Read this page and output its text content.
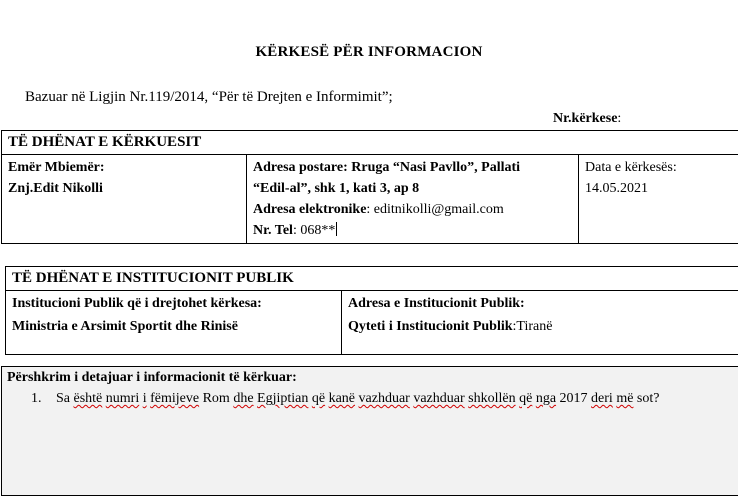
KËRKESË PËR INFORMACION
Bazuar në Ligjin Nr.119/2014, “Për të Drejten e Informimit”;
Nr.kërkese:
TË DHËNAT E KËRKUESIT

Emër Mbiemër:
Znj.Edit Nikolli

Adresa postare: Rruga “Nasi Pavllo”, Pallati
“Edil-al”, shk 1, kati 3, ap 8
Adresa elektronike: editnikolli@gmail.com
Nr. Tel: 068**

Data e kërkesës:
14.05.2021
TË DHËNAT E INSTITUCIONIT PUBLIK

Institucioni Publik që i drejtohet kërkesa:
Ministria e Arsimit Sportit dhe Rinisë

Adresa e Institucionit Publik:
Qyteti i Institucionit Publik:Tiranë
Përshkrim i detajuar i informacionit të kërkuar:
1. Sa është numri i fëmijeve Rom dhe Egjiptian që kanë vazhduar vazhduar shkollën që nga 2017 deri më sot?
